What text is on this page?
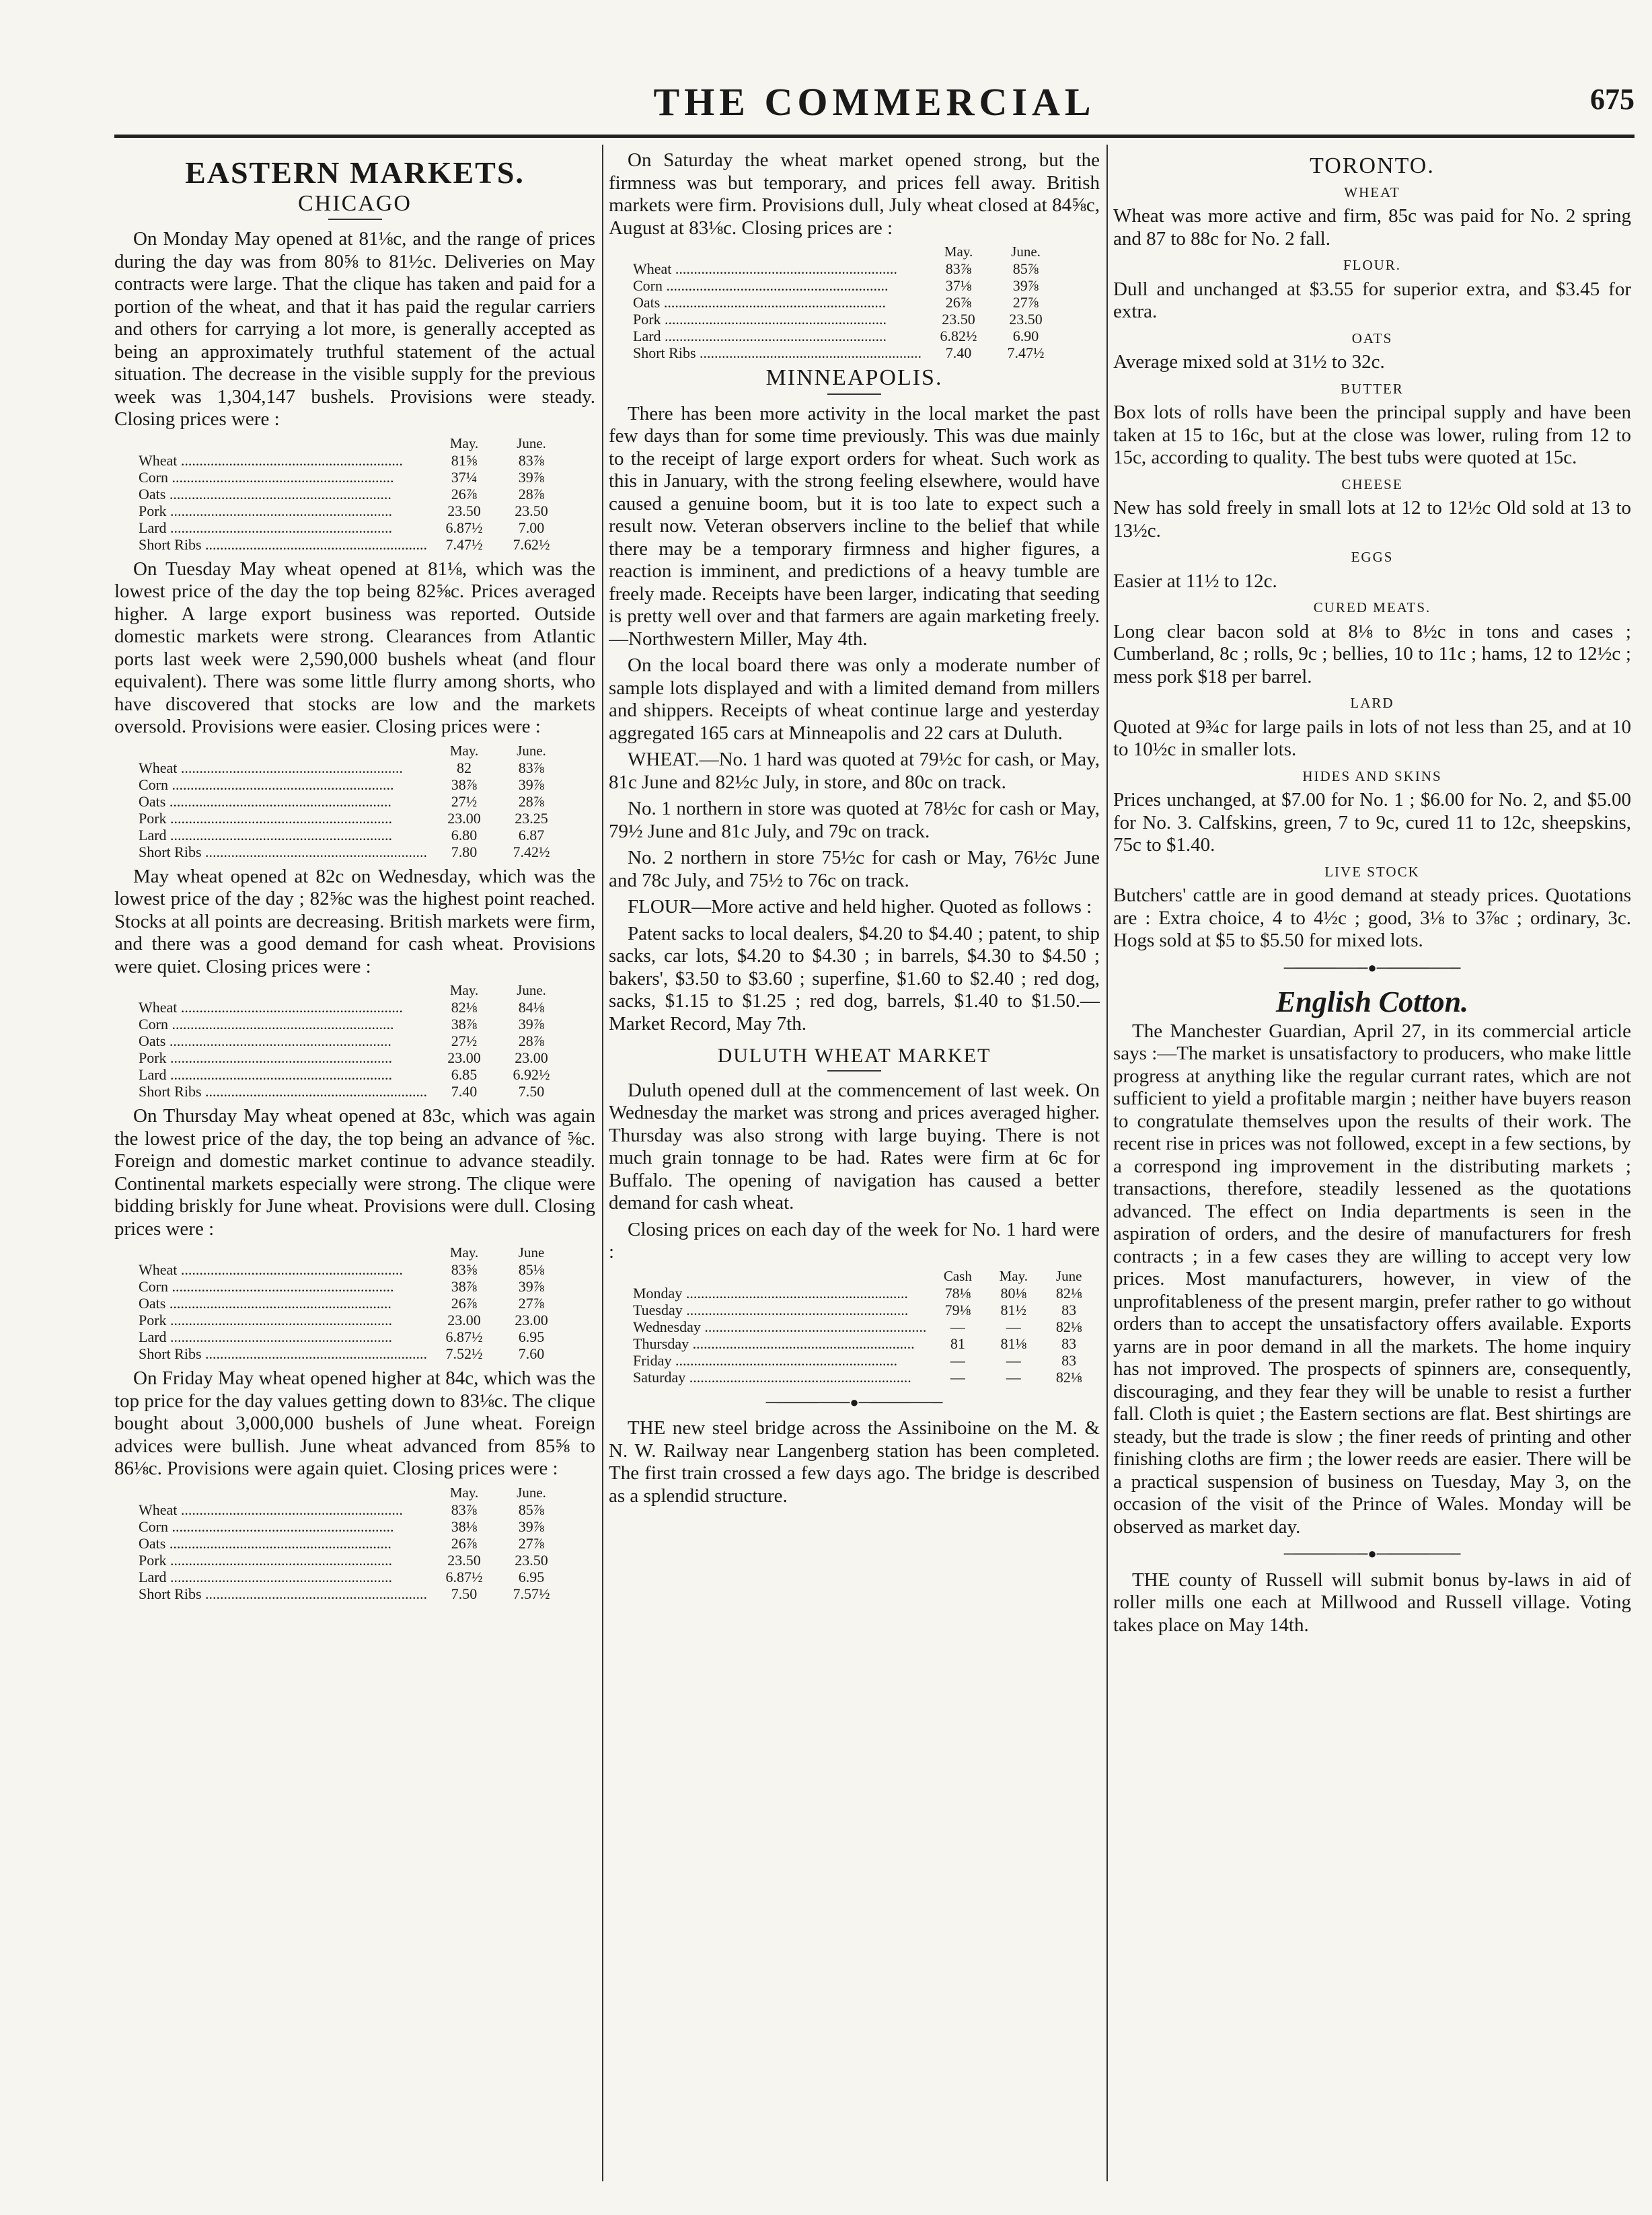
THE COMMERCIAL	675
EASTERN MARKETS.
CHICAGO

On Monday May opened at 81⅛c, and the range of prices during the day was from 80⅝ to 81½c. Deliveries on May contracts were large. That the clique has taken and paid for a portion of the wheat, and that it has paid the regular carriers and others for carrying a lot more, is generally accepted as being an approximately truthful statement of the actual situation. The decrease in the visible supply for the previous week was 1,304,147 bushels. Provisions were steady. Closing prices were :

	May.	June.
Wheat ............................................................	81⅝	83⅞
Corn ............................................................	37¼	39⅞
Oats ............................................................	26⅞	28⅞
Pork ............................................................	23.50	23.50
Lard ............................................................	6.87½	7.00
Short Ribs ............................................................	7.47½	7.62½

On Tuesday May wheat opened at 81⅛, which was the lowest price of the day the top being 82⅝c. Prices averaged higher. A large export business was reported. Outside domestic markets were strong. Clearances from Atlantic ports last week were 2,590,000 bushels wheat (and flour equivalent). There was some little flurry among shorts, who have discovered that stocks are low and the markets oversold. Provisions were easier. Closing prices were :

	May.	June.
Wheat ............................................................	82	83⅞
Corn ............................................................	38⅞	39⅞
Oats ............................................................	27½	28⅞
Pork ............................................................	23.00	23.25
Lard ............................................................	6.80	6.87
Short Ribs ............................................................	7.80	7.42½

May wheat opened at 82c on Wednesday, which was the lowest price of the day ; 82⅝c was the highest point reached. Stocks at all points are decreasing. British markets were firm, and there was a good demand for cash wheat. Provisions were quiet. Closing prices were :

	May.	June.
Wheat ............................................................	82⅛	84⅛
Corn ............................................................	38⅞	39⅞
Oats ............................................................	27½	28⅞
Pork ............................................................	23.00	23.00
Lard ............................................................	6.85	6.92½
Short Ribs ............................................................	7.40	7.50

On Thursday May wheat opened at 83c, which was again the lowest price of the day, the top being an advance of ⅝c. Foreign and domestic market continue to advance steadily. Continental markets especially were strong. The clique were bidding briskly for June wheat. Provisions were dull. Closing prices were :

	May.	June
Wheat ............................................................	83⅝	85⅛
Corn ............................................................	38⅞	39⅞
Oats ............................................................	26⅞	27⅞
Pork ............................................................	23.00	23.00
Lard ............................................................	6.87½	6.95
Short Ribs ............................................................	7.52½	7.60

On Friday May wheat opened higher at 84c, which was the top price for the day values getting down to 83⅛c. The clique bought about 3,000,000 bushels of June wheat. Foreign advices were bullish. June wheat advanced from 85⅝ to 86⅛c. Provisions were again quiet. Closing prices were :

	May.	June.
Wheat ............................................................	83⅞	85⅞
Corn ............................................................	38⅛	39⅞
Oats ............................................................	26⅞	27⅞
Pork ............................................................	23.50	23.50
Lard ............................................................	6.87½	6.95
Short Ribs ............................................................	7.50	7.57½

On Saturday the wheat market opened strong, but the firmness was but temporary, and prices fell away. British markets were firm. Provisions dull, July wheat closed at 84⅝c, August at 83⅛c. Closing prices are :

	May.	June.
Wheat ............................................................	83⅞	85⅞
Corn ............................................................	37⅛	39⅞
Oats ............................................................	26⅞	27⅞
Pork ............................................................	23.50	23.50
Lard ............................................................	6.82½	6.90
Short Ribs ............................................................	7.40	7.47½
MINNEAPOLIS.

There has been more activity in the local market the past few days than for some time previously. This was due mainly to the receipt of large export orders for wheat. Such work as this in January, with the strong feeling elsewhere, would have caused a genuine boom, but it is too late to expect such a result now. Veteran observers incline to the belief that while there may be a temporary firmness and higher figures, a reaction is imminent, and predictions of a heavy tumble are freely made. Receipts have been larger, indicating that seeding is pretty well over and that farmers are again marketing freely.—Northwestern Miller, May 4th.

On the local board there was only a moderate number of sample lots displayed and with a limited demand from millers and shippers. Receipts of wheat continue large and yesterday aggregated 165 cars at Minneapolis and 22 cars at Duluth.

WHEAT.—No. 1 hard was quoted at 79½c for cash, or May, 81c June and 82½c July, in store, and 80c on track.

No. 1 northern in store was quoted at 78½c for cash or May, 79½ June and 81c July, and 79c on track.

No. 2 northern in store 75½c for cash or May, 76½c June and 78c July, and 75½ to 76c on track.

FLOUR—More active and held higher. Quoted as follows :

Patent sacks to local dealers, $4.20 to $4.40 ; patent, to ship sacks, car lots, $4.20 to $4.30 ; in barrels, $4.30 to $4.50 ; bakers', $3.50 to $3.60 ; superfine, $1.60 to $2.40 ; red dog, sacks, $1.15 to $1.25 ; red dog, barrels, $1.40 to $1.50.—Market Record, May 7th.

DULUTH WHEAT MARKET

Duluth opened dull at the commencement of last week. On Wednesday the market was strong and prices averaged higher. Thursday was also strong with large buying. There is not much grain tonnage to be had. Rates were firm at 6c for Buffalo. The opening of navigation has caused a better demand for cash wheat.

Closing prices on each day of the week for No. 1 hard were :

	Cash	May.	June
Monday ............................................................	78⅛	80⅛	82⅛
Tuesday ............................................................	79⅛	81½	83
Wednesday ............................................................	—	—	82⅛
Thursday ............................................................	81	81⅛	83
Friday ............................................................	—	—	83
Saturday ............................................................	—	—	82⅛
────────●────────

THE new steel bridge across the Assiniboine on the M. & N. W. Railway near Langenberg station has been completed. The first train crossed a few days ago. The bridge is described as a splendid structure.

TORONTO.
WHEAT

Wheat was more active and firm, 85c was paid for No. 2 spring and 87 to 88c for No. 2 fall.

FLOUR.

Dull and unchanged at $3.55 for superior extra, and $3.45 for extra.

OATS

Average mixed sold at 31½ to 32c.

BUTTER

Box lots of rolls have been the principal supply and have been taken at 15 to 16c, but at the close was lower, ruling from 12 to 15c, according to quality. The best tubs were quoted at 15c.

CHEESE

New has sold freely in small lots at 12 to 12½c Old sold at 13 to 13½c.

EGGS

Easier at 11½ to 12c.

CURED MEATS.

Long clear bacon sold at 8⅛ to 8½c in tons and cases ; Cumberland, 8c ; rolls, 9c ; bellies, 10 to 11c ; hams, 12 to 12½c ; mess pork $18 per barrel.

LARD

Quoted at 9¾c for large pails in lots of not less than 25, and at 10 to 10½c in smaller lots.

HIDES AND SKINS

Prices unchanged, at $7.00 for No. 1 ; $6.00 for No. 2, and $5.00 for No. 3. Calfskins, green, 7 to 9c, cured 11 to 12c, sheepskins, 75c to $1.40.

LIVE STOCK

Butchers' cattle are in good demand at steady prices. Quotations are : Extra choice, 4 to 4½c ; good, 3⅛ to 3⅞c ; ordinary, 3c. Hogs sold at $5 to $5.50 for mixed lots.

────────●────────
English Cotton.

The Manchester Guardian, April 27, in its commercial article says :—The market is unsatisfactory to producers, who make little progress at anything like the regular currant rates, which are not sufficient to yield a profitable margin ; neither have buyers reason to congratulate themselves upon the results of their work. The recent rise in prices was not followed, except in a few sections, by a correspond ing improvement in the distributing markets ; transactions, therefore, steadily lessened as the quotations advanced. The effect on India departments is seen in the aspiration of orders, and the desire of manufacturers for fresh contracts ; in a few cases they are willing to accept very low prices. Most manufacturers, however, in view of the unprofitableness of the present margin, prefer rather to go without orders than to accept the unsatisfactory offers available. Exports yarns are in poor demand in all the markets. The home inquiry has not improved. The prospects of spinners are, consequently, discouraging, and they fear they will be unable to resist a further fall. Cloth is quiet ; the Eastern sections are flat. Best shirtings are steady, but the trade is slow ; the finer reeds of printing and other finishing cloths are firm ; the lower reeds are easier. There will be a practical suspension of business on Tuesday, May 3, on the occasion of the visit of the Prince of Wales. Monday will be observed as market day.

────────●────────

THE county of Russell will submit bonus by-laws in aid of roller mills one each at Millwood and Russell village. Voting takes place on May 14th.
